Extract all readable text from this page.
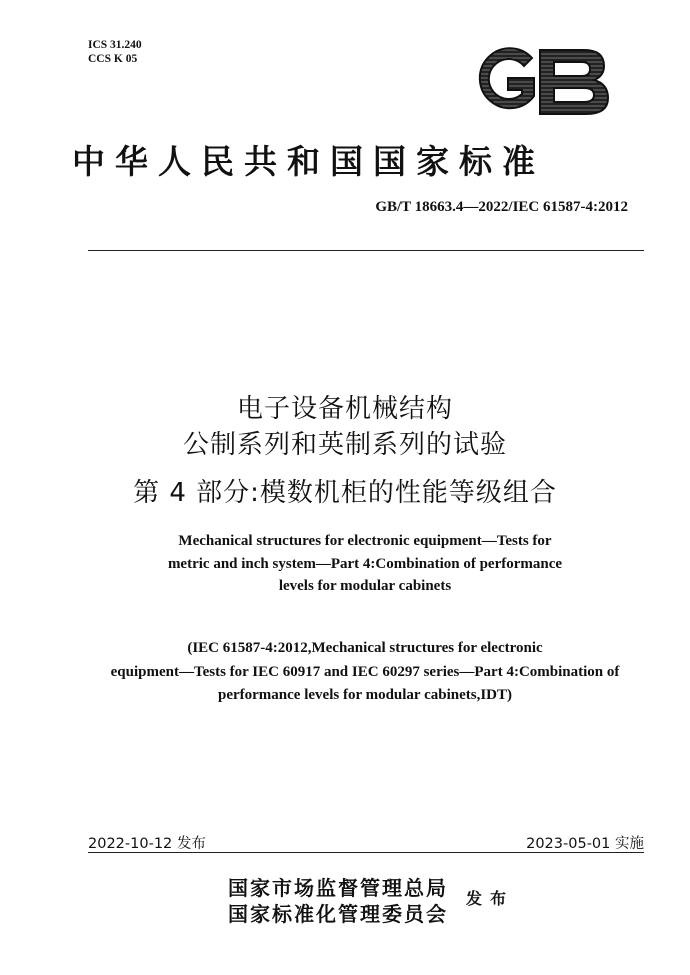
ICS 31.240
CCS K 05
中华人民共和国国家标准
GB/T 18663.4—2022/IEC 61587-4:2012
电子设备机械结构
公制系列和英制系列的试验
第 4 部分:模数机柜的性能等级组合
Mechanical structures for electronic equipment—Tests for
metric and inch system—Part 4:Combination of performance
levels for modular cabinets
(IEC 61587-4:2012,Mechanical structures for electronic
equipment—Tests for IEC 60917 and IEC 60297 series—Part 4:Combination of
performance levels for modular cabinets,IDT)
2022-10-12 发布	2023-05-01 实施
国家市场监督管理总局
国家标准化管理委员会
发布
